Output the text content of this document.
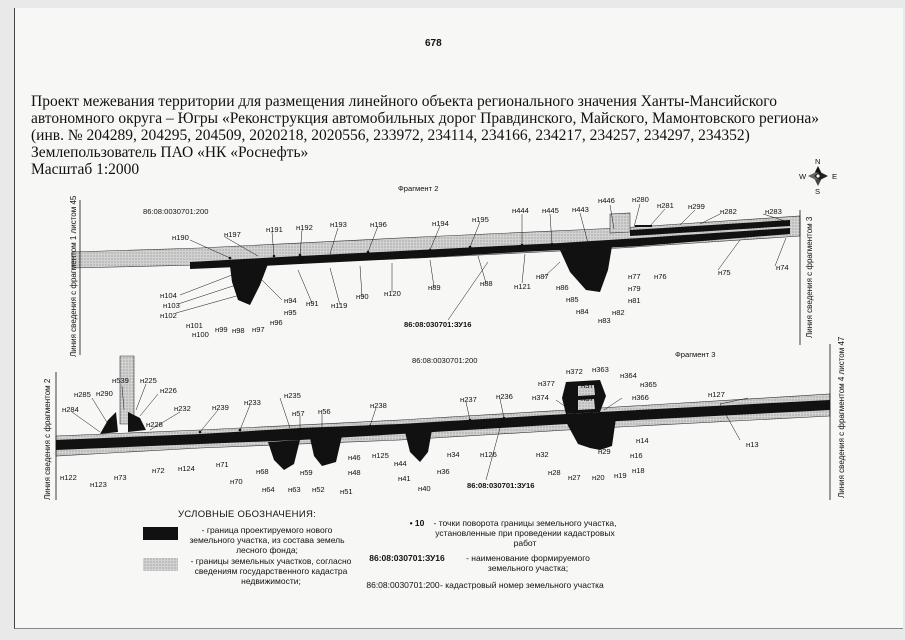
678
Проект межевания территории для размещения линейного объекта регионального значения Ханты-Мансийского
автономного округа – Югры «Реконструкция автомобильных дорог Правдинского, Майского, Мамонтовского региона»
(инв. № 204289, 204295, 204509, 2020218, 2020556, 233972, 234114, 234166, 234217, 234257, 234297, 234352)
Землепользователь ПАО «НК «Роснефть»
Масштаб 1:2000	N
S
W	E
Фрагмент 2
86:08:0030701:200
н190	н197
н191 н192 н193	н196	н194	н195
н444 н445 н443
н446 н280
н281 н299
н282	н283
н104
н103
н102
н101
н100
н99 н98 н97
н96
н95
н94 н91 н119
н90 н120
н89	н88	н121
н87
н86
н85
н84
н83
н82
н81
н79
н77 н76	н75
н74
86:08:030701:ЗУ16
Линия сведения с фрагментом 1 листом 45	Линия сведения с фрагментом 3
Фрагмент 3
86:08:0030701:200
н539 н225
н285 н290	н226
н284	н232
н228
н239
н233
н235
н57 н56
н238
н237	н236
н377
н372 н363
н378
н364
н365
н374	н376	н366	н127
н122
н123
н73
н72 н124	н71
н70
н68
н64 н63
н59
н52 н51
н48
н46 н125
н44
н41
н40
н36
н34	н126	н32
н28
н27
н29
н20 н19
н18
н16
н14	н13
86:08:030701:ЗУ16
Линия сведения с фрагментом 2	Линия сведения с фрагментом 4 листом 47
УСЛОВНЫЕ ОБОЗНАЧЕНИЯ:
- граница проектируемого нового земельного участка, из состава земель лесного фонда;
- границы земельных участков, согласно сведениям государственного кадастра недвижимости;
• 10	- точки поворота границы земельного участка, установленные при проведении кадастровых работ
86:08:030701:ЗУ16	- наименование формируемого земельного участка;
86:08:0030701:200 - кадастровый номер земельного участка
